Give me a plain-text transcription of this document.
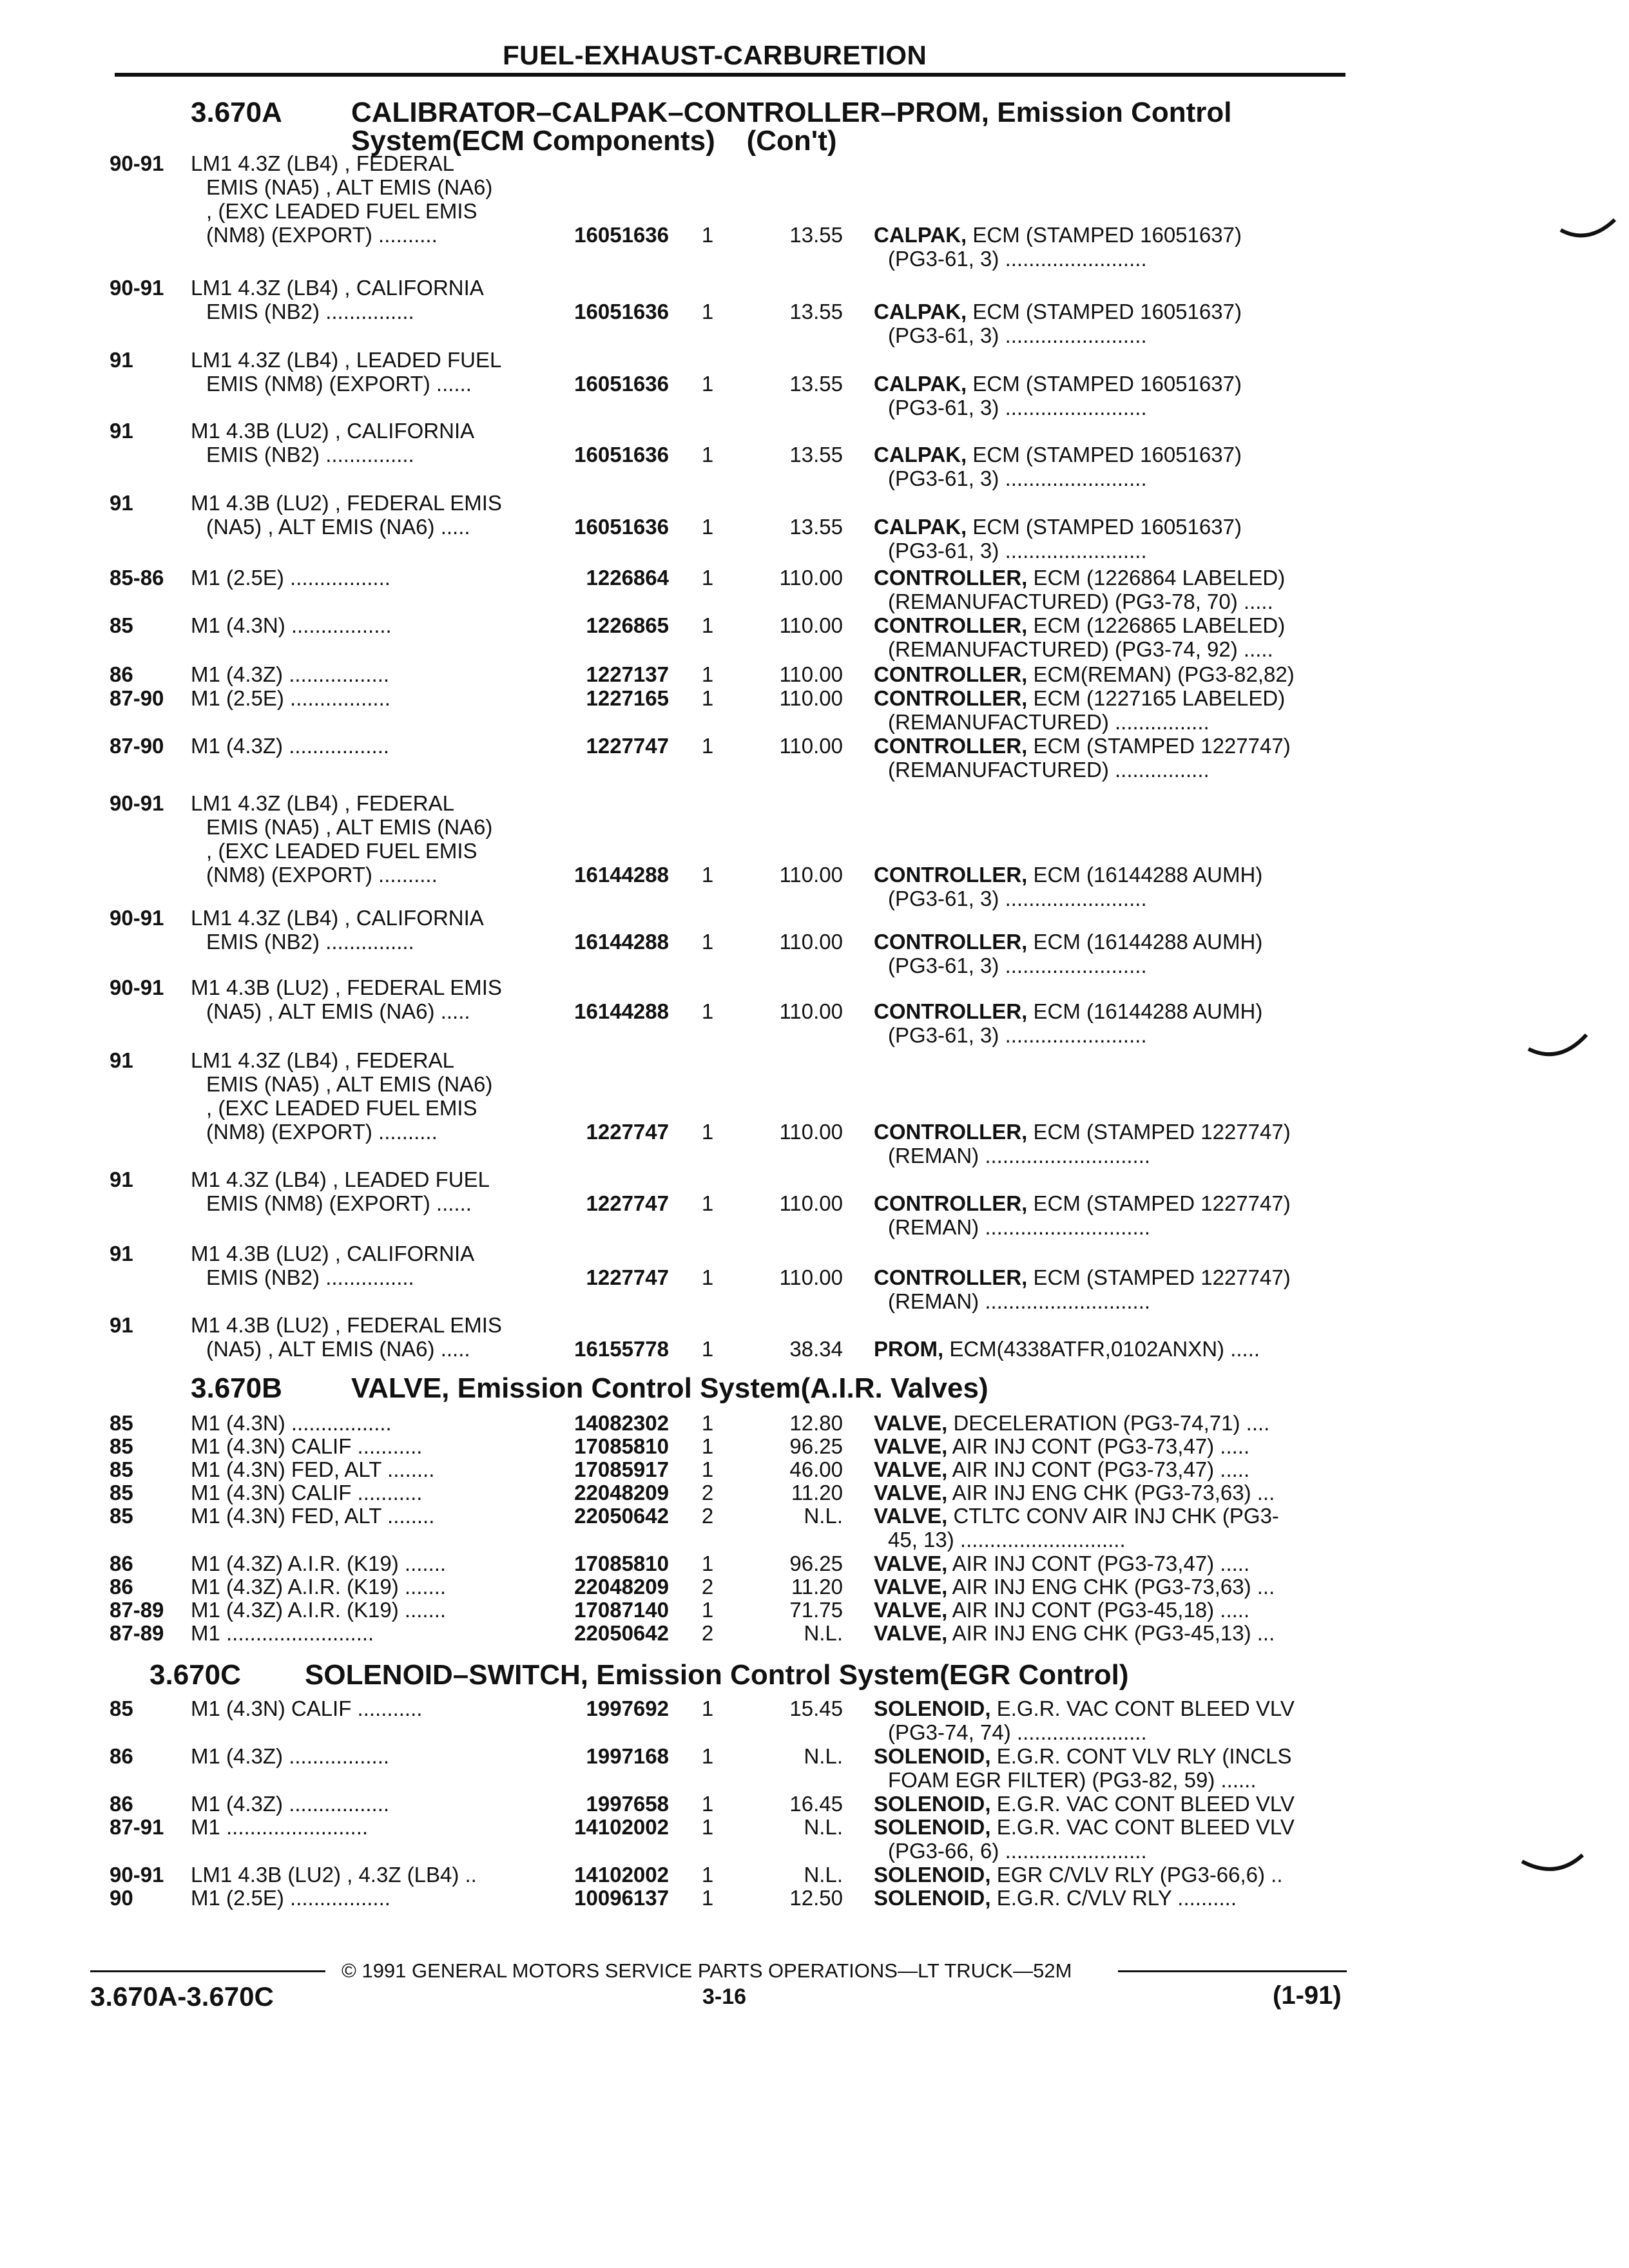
FUEL-EXHAUST-CARBURETION
3.670A CALIBRATOR–CALPAK–CONTROLLER–PROM, Emission Control
System(ECM Components)    (Con't)
90-91 LM1 4.3Z (LB4) , FEDERAL
EMIS (NA5) , ALT EMIS (NA6)
, (EXC LEADED FUEL EMIS
(NM8) (EXPORT) ..........	16051636	1	13.55 CALPAK, ECM (STAMPED 16051637)
(PG3-61, 3) ........................
90-91 LM1 4.3Z (LB4) , CALIFORNIA
EMIS (NB2) ...............	16051636	1	13.55 CALPAK, ECM (STAMPED 16051637)
(PG3-61, 3) ........................
91	LM1 4.3Z (LB4) , LEADED FUEL
EMIS (NM8) (EXPORT) ......	16051636	1	13.55 CALPAK, ECM (STAMPED 16051637)
(PG3-61, 3) ........................
91	M1 4.3B (LU2) , CALIFORNIA
EMIS (NB2) ...............	16051636	1	13.55 CALPAK, ECM (STAMPED 16051637)
(PG3-61, 3) ........................
91	M1 4.3B (LU2) , FEDERAL EMIS
(NA5) , ALT EMIS (NA6) .....	16051636	1	13.55 CALPAK, ECM (STAMPED 16051637)
(PG3-61, 3) ........................
85-86 M1 (2.5E) .................	1226864	1	110.00 CONTROLLER, ECM (1226864 LABELED)
(REMANUFACTURED) (PG3-78, 70) .....
85	M1 (4.3N) .................	1226865	1	110.00 CONTROLLER, ECM (1226865 LABELED)
(REMANUFACTURED) (PG3-74, 92) .....
86	M1 (4.3Z) .................	1227137	1	110.00 CONTROLLER, ECM(REMAN) (PG3-82,82)
87-90 M1 (2.5E) .................	1227165	1	110.00 CONTROLLER, ECM (1227165 LABELED)
(REMANUFACTURED) ................
87-90 M1 (4.3Z) .................	1227747	1	110.00 CONTROLLER, ECM (STAMPED 1227747)
(REMANUFACTURED) ................
90-91 LM1 4.3Z (LB4) , FEDERAL
EMIS (NA5) , ALT EMIS (NA6)
, (EXC LEADED FUEL EMIS
(NM8) (EXPORT) ..........	16144288	1	110.00 CONTROLLER, ECM (16144288 AUMH)
(PG3-61, 3) ........................
90-91 LM1 4.3Z (LB4) , CALIFORNIA
EMIS (NB2) ...............	16144288	1	110.00 CONTROLLER, ECM (16144288 AUMH)
(PG3-61, 3) ........................
90-91 M1 4.3B (LU2) , FEDERAL EMIS
(NA5) , ALT EMIS (NA6) .....	16144288	1	110.00 CONTROLLER, ECM (16144288 AUMH)
(PG3-61, 3) ........................
91	LM1 4.3Z (LB4) , FEDERAL
EMIS (NA5) , ALT EMIS (NA6)
, (EXC LEADED FUEL EMIS
(NM8) (EXPORT) ..........	1227747	1	110.00 CONTROLLER, ECM (STAMPED 1227747)
(REMAN) ............................
91	M1 4.3Z (LB4) , LEADED FUEL
EMIS (NM8) (EXPORT) ......	1227747	1	110.00 CONTROLLER, ECM (STAMPED 1227747)
(REMAN) ............................
91	M1 4.3B (LU2) , CALIFORNIA
EMIS (NB2) ...............	1227747	1	110.00 CONTROLLER, ECM (STAMPED 1227747)
(REMAN) ............................
91	M1 4.3B (LU2) , FEDERAL EMIS
(NA5) , ALT EMIS (NA6) .....	16155778	1	38.34 PROM, ECM(4338ATFR,0102ANXN) .....
3.670B VALVE, Emission Control System(A.I.R. Valves)
85	M1 (4.3N) .................	14082302	1	12.80 VALVE, DECELERATION (PG3-74,71) ....
85	M1 (4.3N) CALIF ...........	17085810	1	96.25 VALVE, AIR INJ CONT (PG3-73,47) .....
85	M1 (4.3N) FED, ALT ........	17085917	1	46.00 VALVE, AIR INJ CONT (PG3-73,47) .....
85	M1 (4.3N) CALIF ...........	22048209	2	11.20 VALVE, AIR INJ ENG CHK (PG3-73,63) ...
85	M1 (4.3N) FED, ALT ........	22050642	2	N.L. VALVE, CTLTC CONV AIR INJ CHK (PG3-
45, 13) ............................
86	M1 (4.3Z) A.I.R. (K19) .......	17085810	1	96.25 VALVE, AIR INJ CONT (PG3-73,47) .....
86	M1 (4.3Z) A.I.R. (K19) .......	22048209	2	11.20 VALVE, AIR INJ ENG CHK (PG3-73,63) ...
87-89 M1 (4.3Z) A.I.R. (K19) .......	17087140	1	71.75 VALVE, AIR INJ CONT (PG3-45,18) .....
87-89 M1 .........................	22050642	2	N.L. VALVE, AIR INJ ENG CHK (PG3-45,13) ...
3.670C SOLENOID–SWITCH, Emission Control System(EGR Control)
85	M1 (4.3N) CALIF ...........	1997692	1	15.45 SOLENOID, E.G.R. VAC CONT BLEED VLV
(PG3-74, 74) ......................
86	M1 (4.3Z) .................	1997168	1	N.L. SOLENOID, E.G.R. CONT VLV RLY (INCLS
FOAM EGR FILTER) (PG3-82, 59) ......
86	M1 (4.3Z) .................	1997658	1	16.45 SOLENOID, E.G.R. VAC CONT BLEED VLV
87-91 M1 ........................	14102002	1	N.L. SOLENOID, E.G.R. VAC CONT BLEED VLV
(PG3-66, 6) ........................
90-91 LM1 4.3B (LU2) , 4.3Z (LB4) ..	14102002	1	N.L. SOLENOID, EGR C/VLV RLY (PG3-66,6) ..
90	M1 (2.5E) .................	10096137	1	12.50 SOLENOID, E.G.R. C/VLV RLY ..........
© 1991 GENERAL MOTORS SERVICE PARTS OPERATIONS—LT TRUCK—52M
3.670A-3.670C	3-16	(1-91)
